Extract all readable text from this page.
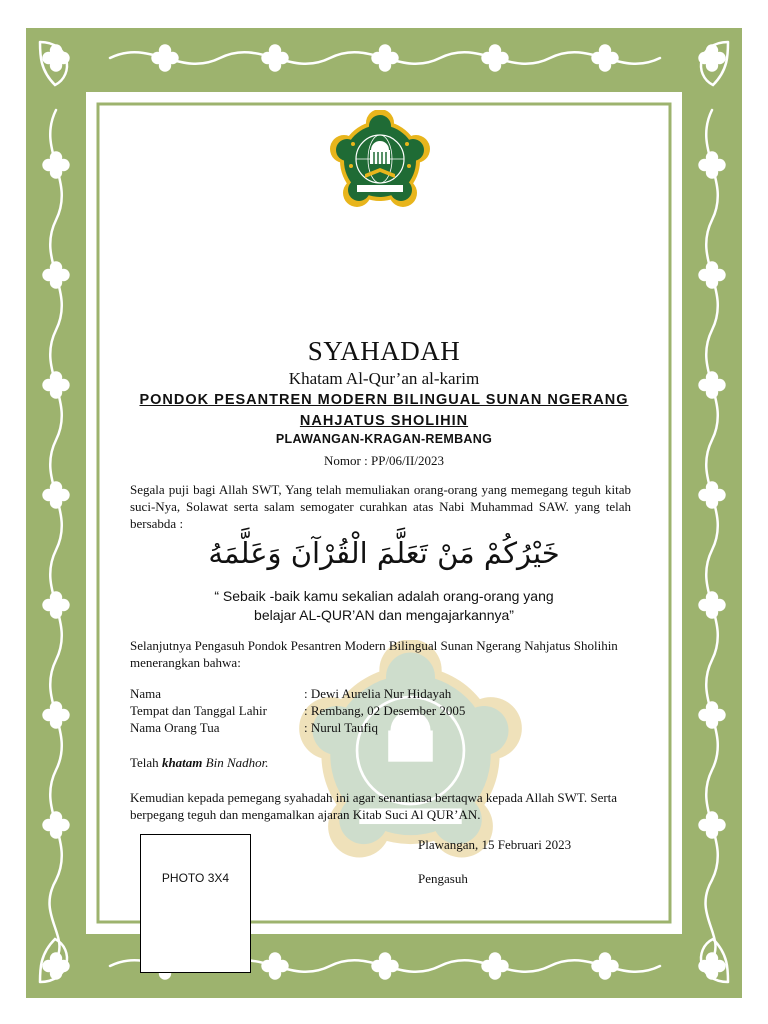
SYAHADAH
Khatam Al-Qur’an al-karim
PONDOK PESANTREN MODERN BILINGUAL SUNAN NGERANG
NAHJATUS SHOLIHIN
PLAWANGAN-KRAGAN-REMBANG
Nomor : PP/06/II/2023
Segala puji bagi Allah SWT, Yang telah memuliakan orang-orang yang memegang teguh kitab suci-Nya, Solawat serta salam semogater curahkan atas Nabi Muhammad SAW. yang telah bersabda :
خَيْرُكُمْ مَنْ تَعَلَّمَ الْقُرْآنَ وَعَلَّمَهُ
“ Sebaik -baik kamu sekalian adalah orang-orang yang
belajar AL-QUR’AN dan mengajarkannya”
Selanjutnya Pengasuh Pondok Pesantren Modern Bilingual Sunan Ngerang Nahjatus Sholihin menerangkan bahwa:
Nama	: Dewi Aurelia Nur Hidayah
Tempat dan Tanggal Lahir	: Rembang, 02 Desember 2005
Nama Orang Tua	: Nurul Taufiq
Telah khatam Bin Nadhor.
Kemudian kepada pemegang syahadah ini agar senantiasa bertaqwa kepada Allah SWT. Serta berpegang teguh dan mengamalkan ajaran Kitab Suci Al QUR’AN.
PHOTO 3X4
Plawangan, 15 Februari 2023
Pengasuh
